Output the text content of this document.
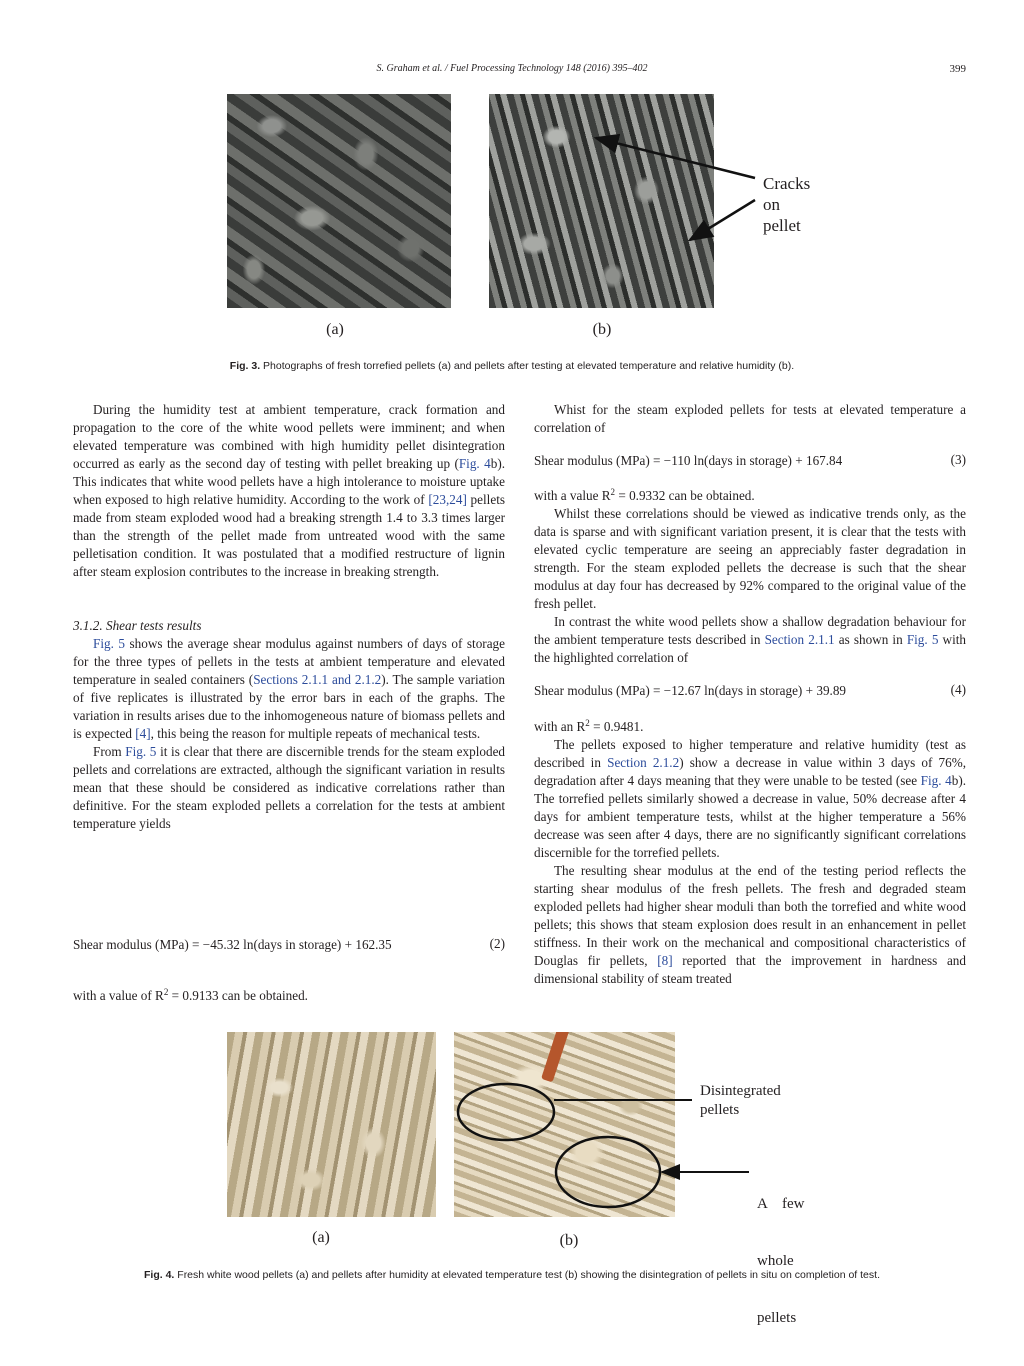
S. Graham et al. / Fuel Processing Technology 148 (2016) 395–402	399
Cracks
on
pellet
(a)	(b)
Fig. 3. Photographs of fresh torrefied pellets (a) and pellets after testing at elevated temperature and relative humidity (b).

During the humidity test at ambient temperature, crack formation and propagation to the core of the white wood pellets were imminent; and when elevated temperature was combined with high humidity pellet disintegration occurred as early as the second day of testing with pellet breaking up (Fig. 4b). This indicates that white wood pellets have a high intolerance to moisture uptake when exposed to high relative humidity. According to the work of [23,24] pellets made from steam exploded wood had a breaking strength 1.4 to 3.3 times larger than the strength of the pellet made from untreated wood with the same pelletisation condition. It was postulated that a modified restructure of lignin after steam explosion contributes to the increase in breaking strength.

3.1.2. Shear tests results

Fig. 5 shows the average shear modulus against numbers of days of storage for the three types of pellets in the tests at ambient temperature and elevated temperature in sealed containers (Sections 2.1.1 and 2.1.2). The sample variation of five replicates is illustrated by the error bars in each of the graphs. The variation in results arises due to the inhomogeneous nature of biomass pellets and is expected [4], this being the reason for multiple repeats of mechanical tests.

From Fig. 5 it is clear that there are discernible trends for the steam exploded pellets and correlations are extracted, although the significant variation in results mean that these should be considered as indicative correlations rather than definitive. For the steam exploded pellets a correlation for the tests at ambient temperature yields

Shear modulus (MPa) = −45.32 ln(days in storage) + 162.35	(2)

with a value of $R^2 = 0.9133$ can be obtained.

Whist for the steam exploded pellets for tests at elevated temperature a correlation of

Shear modulus (MPa) = −110 ln(days in storage) + 167.84	(3)

with a value $R^2 = 0.9332$ can be obtained.

Whilst these correlations should be viewed as indicative trends only, as the data is sparse and with significant variation present, it is clear that the tests with elevated cyclic temperature are seeing an appreciably faster degradation in strength. For the steam exploded pellets the decrease is such that the shear modulus at day four has decreased by 92% compared to the original value of the fresh pellet.

In contrast the white wood pellets show a shallow degradation behaviour for the ambient temperature tests described in Section 2.1.1 as shown in Fig. 5 with the highlighted correlation of

Shear modulus (MPa) = −12.67 ln(days in storage) + 39.89	(4)

with an $R^2 = 0.9481$.

The pellets exposed to higher temperature and relative humidity (test as described in Section 2.1.2) show a decrease in value within 3 days of 76%, degradation after 4 days meaning that they were unable to be tested (see Fig. 4b). The torrefied pellets similarly showed a decrease in value, 50% decrease after 4 days for ambient temperature tests, whilst at the higher temperature a 56% decrease was seen after 4 days, there are no significantly significant correlations discernible for the torrefied pellets.

The resulting shear modulus at the end of the testing period reflects the starting shear modulus of the fresh pellets. The fresh and degraded steam exploded pellets had higher shear moduli than both the torrefied and white wood pellets; this shows that steam explosion does result in an enhancement in pellet stiffness. In their work on the mechanical and compositional characteristics of Douglas fir pellets, [8] reported that the improvement in hardness and dimensional stability of steam treated

Disintegrated
pellets

A    few

whole

pellets

(a)	(b)
Fig. 4. Fresh white wood pellets (a) and pellets after humidity at elevated temperature test (b) showing the disintegration of pellets in situ on completion of test.
